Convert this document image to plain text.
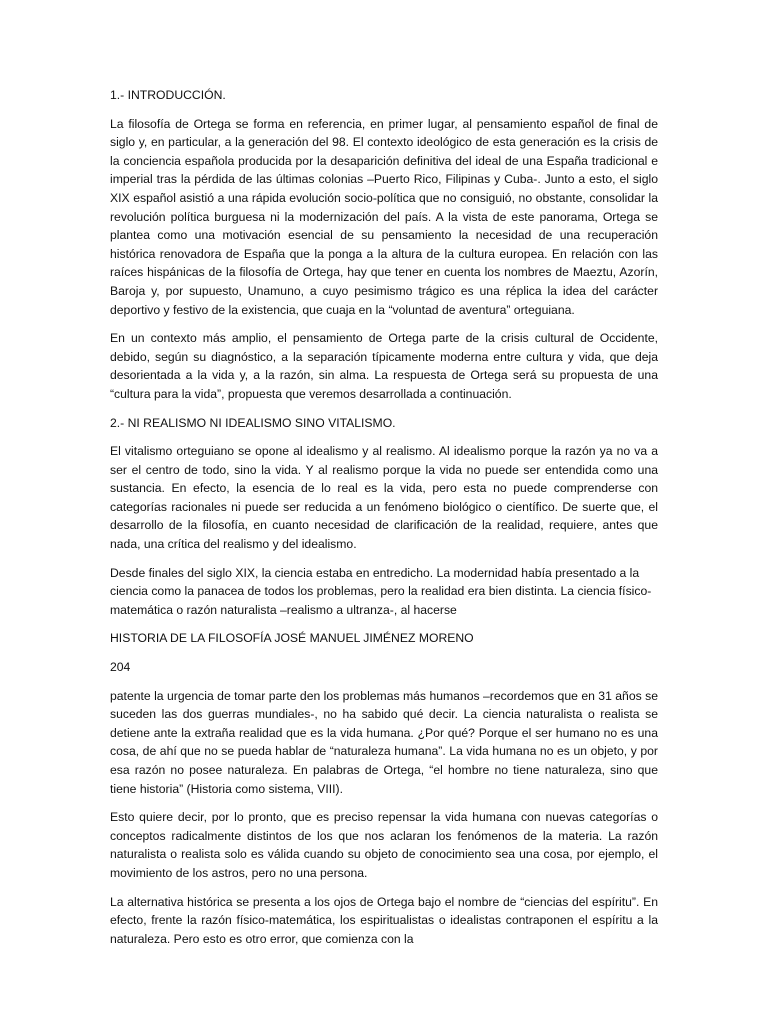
1.- INTRODUCCIÓN.

La filosofía de Ortega se forma en referencia, en primer lugar, al pensamiento español de final de siglo y, en particular, a la generación del 98. El contexto ideológico de esta generación es la crisis de la conciencia española producida por la desaparición definitiva del ideal de una España tradicional e imperial tras la pérdida de las últimas colonias –Puerto Rico, Filipinas y Cuba-. Junto a esto, el siglo XIX español asistió a una rápida evolución socio-política que no consiguió, no obstante, consolidar la revolución política burguesa ni la modernización del país. A la vista de este panorama, Ortega se plantea como una motivación esencial de su pensamiento la necesidad de una recuperación histórica renovadora de España que la ponga a la altura de la cultura europea. En relación con las raíces hispánicas de la filosofía de Ortega, hay que tener en cuenta los nombres de Maeztu, Azorín, Baroja y, por supuesto, Unamuno, a cuyo pesimismo trágico es una réplica la idea del carácter deportivo y festivo de la existencia, que cuaja en la “voluntad de aventura” orteguiana.

En un contexto más amplio, el pensamiento de Ortega parte de la crisis cultural de Occidente, debido, según su diagnóstico, a la separación típicamente moderna entre cultura y vida, que deja desorientada a la vida y, a la razón, sin alma. La respuesta de Ortega será su propuesta de una “cultura para la vida”, propuesta que veremos desarrollada a continuación.

2.- NI REALISMO NI IDEALISMO SINO VITALISMO.

El vitalismo orteguiano se opone al idealismo y al realismo. Al idealismo porque la razón ya no va a ser el centro de todo, sino la vida. Y al realismo porque la vida no puede ser entendida como una sustancia. En efecto, la esencia de lo real es la vida, pero esta no puede comprenderse con categorías racionales ni puede ser reducida a un fenómeno biológico o científico. De suerte que, el desarrollo de la filosofía, en cuanto necesidad de clarificación de la realidad, requiere, antes que nada, una crítica del realismo y del idealismo.

Desde finales del siglo XIX, la ciencia estaba en entredicho. La modernidad había presentado a la ciencia como la panacea de todos los problemas, pero la realidad era bien distinta. La ciencia físico-matemática o razón naturalista –realismo a ultranza-, al hacerse

HISTORIA DE LA FILOSOFÍA JOSÉ MANUEL JIMÉNEZ MORENO

204

patente la urgencia de tomar parte den los problemas más humanos –recordemos que en 31 años se suceden las dos guerras mundiales-, no ha sabido qué decir. La ciencia naturalista o realista se detiene ante la extraña realidad que es la vida humana. ¿Por qué? Porque el ser humano no es una cosa, de ahí que no se pueda hablar de “naturaleza humana”. La vida humana no es un objeto, y por esa razón no posee naturaleza. En palabras de Ortega, “el hombre no tiene naturaleza, sino que tiene historia” (Historia como sistema, VIII).

Esto quiere decir, por lo pronto, que es preciso repensar la vida humana con nuevas categorías o conceptos radicalmente distintos de los que nos aclaran los fenómenos de la materia. La razón naturalista o realista solo es válida cuando su objeto de conocimiento sea una cosa, por ejemplo, el movimiento de los astros, pero no una persona.

La alternativa histórica se presenta a los ojos de Ortega bajo el nombre de “ciencias del espíritu”. En efecto, frente la razón físico-matemática, los espiritualistas o idealistas contraponen el espíritu a la naturaleza. Pero esto es otro error, que comienza con la
